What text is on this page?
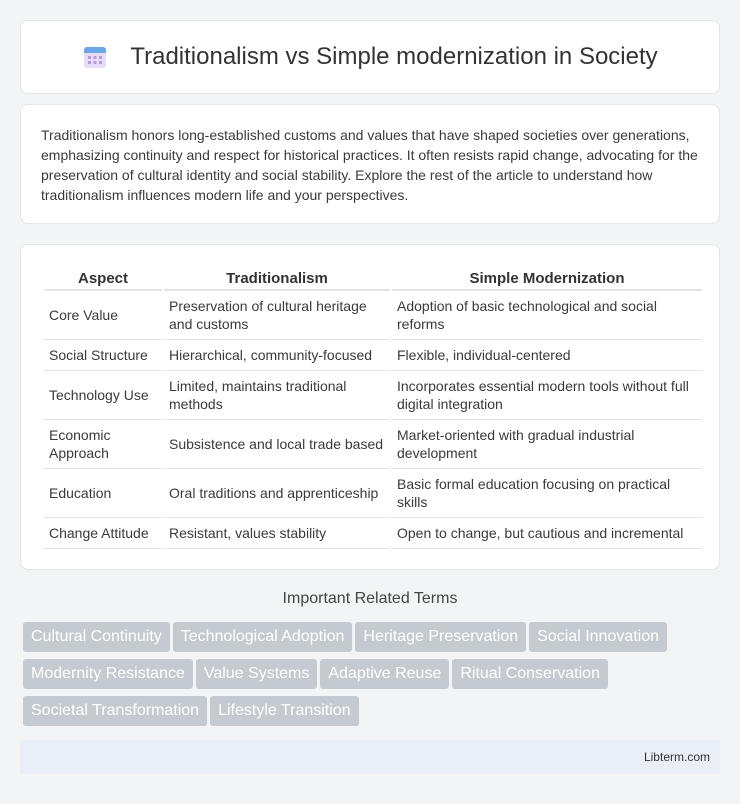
Traditionalism vs Simple modernization in Society

Traditionalism honors long-established customs and values that have shaped societies over generations, emphasizing continuity and respect for historical practices. It often resists rapid change, advocating for the preservation of cultural identity and social stability. Explore the rest of the article to understand how traditionalism influences modern life and your perspectives.

Aspect	Traditionalism	Simple Modernization
Core Value	Preservation of cultural heritage and customs	Adoption of basic technological and social reforms
Social Structure	Hierarchical, community-focused	Flexible, individual-centered
Technology Use	Limited, maintains traditional methods	Incorporates essential modern tools without full digital integration
Economic Approach	Subsistence and local trade based	Market-oriented with gradual industrial development
Education	Oral traditions and apprenticeship	Basic formal education focusing on practical skills
Change Attitude	Resistant, values stability	Open to change, but cautious and incremental
Important Related Terms
Cultural Continuity Technological Adoption Heritage Preservation Social Innovation
Modernity Resistance Value Systems Adaptive Reuse Ritual Conservation
Societal Transformation Lifestyle Transition
Libterm.com
